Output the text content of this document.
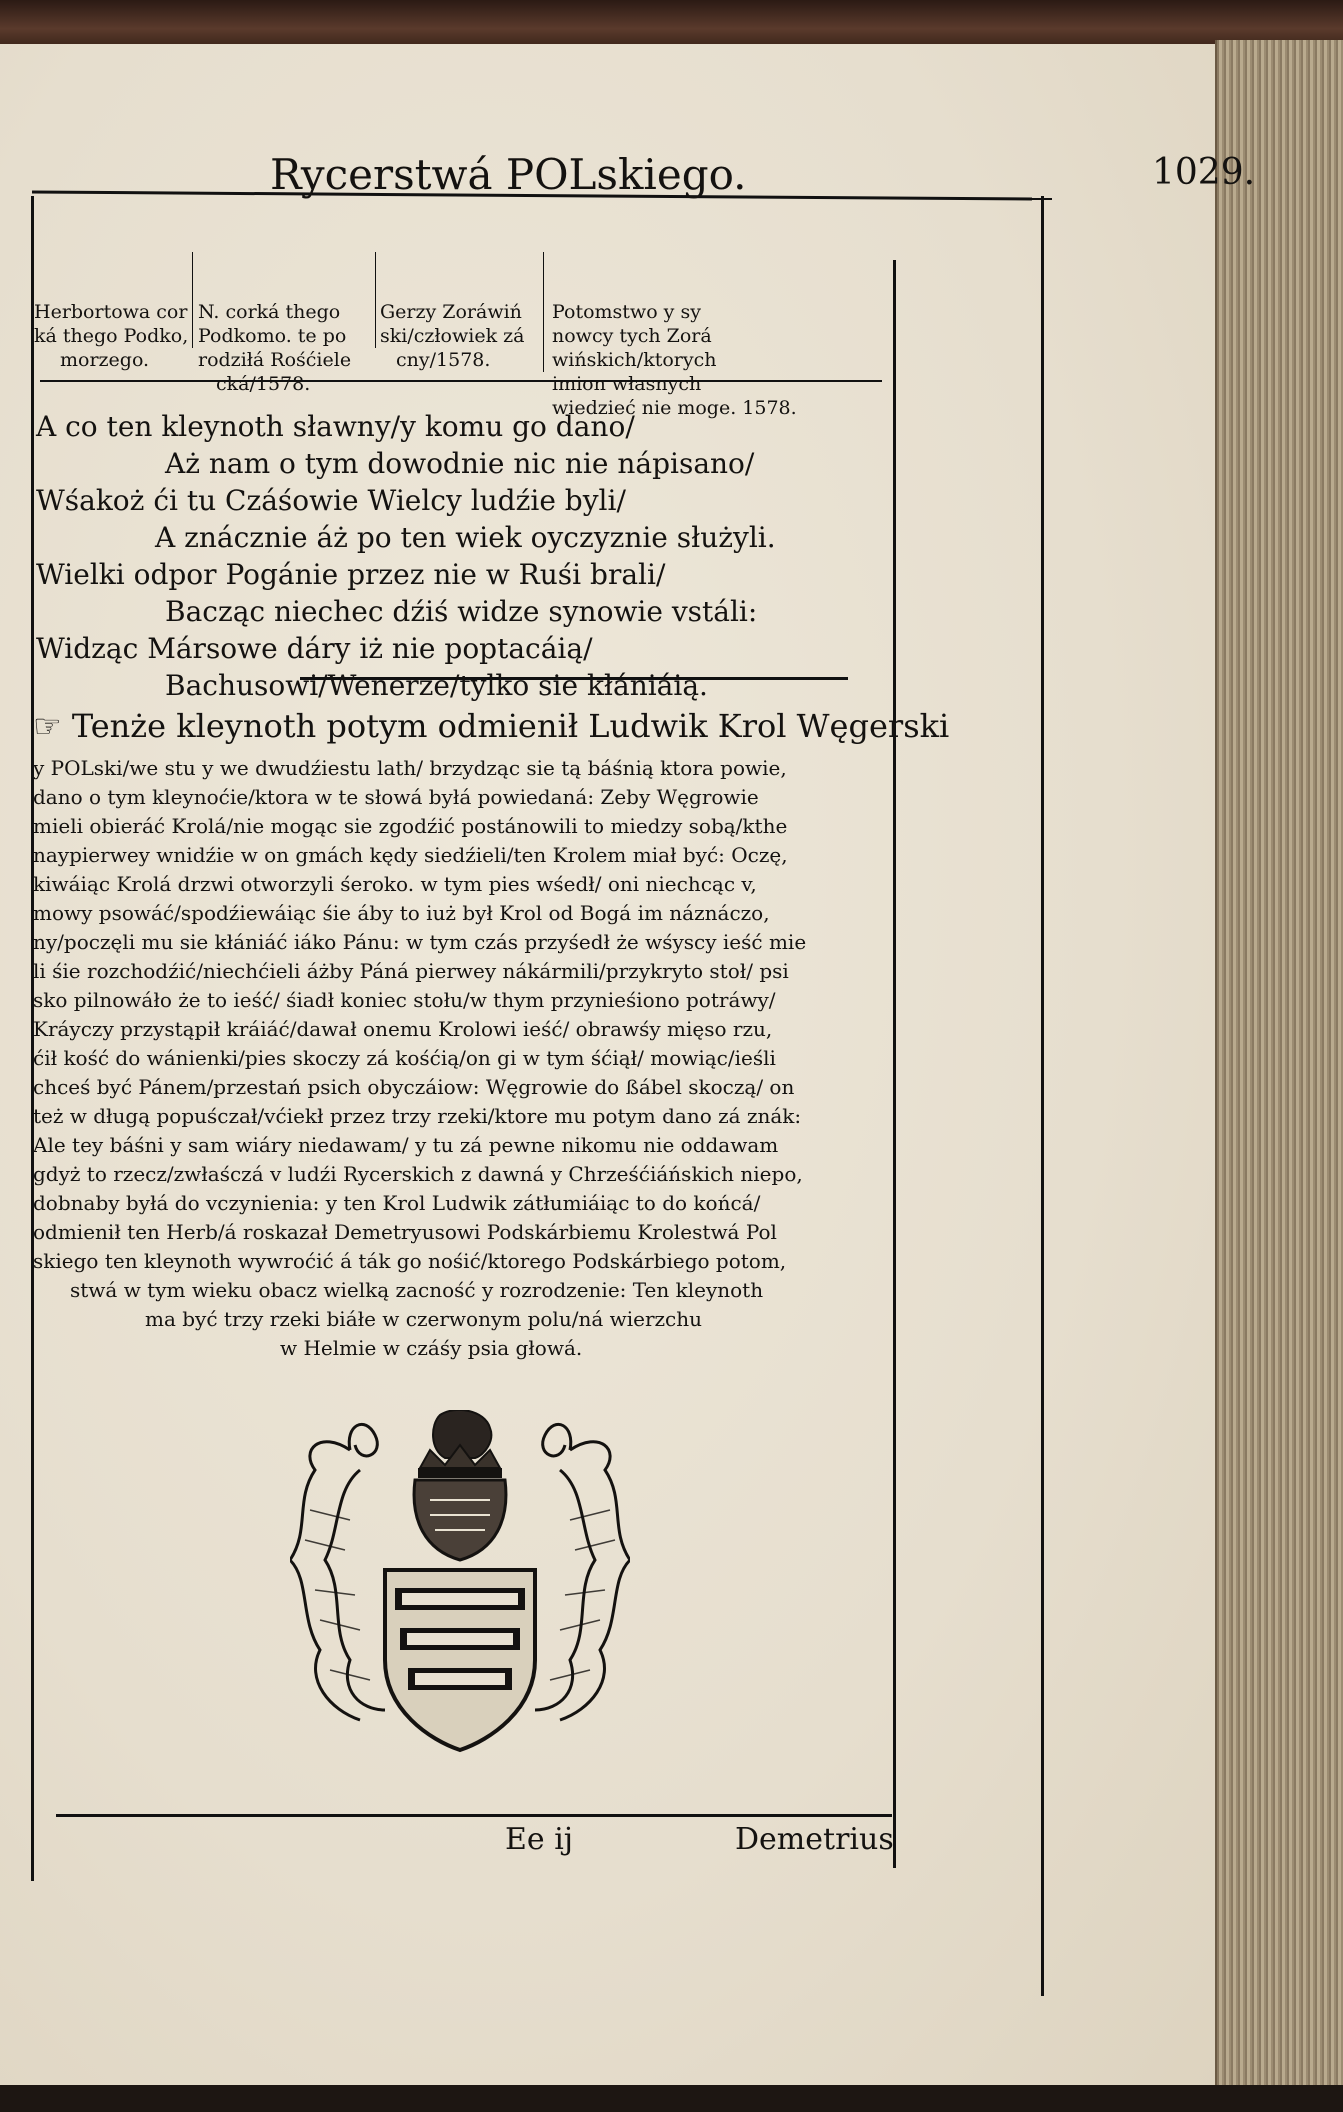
Rycerstwá POLskiego.	1029.

Herbortowa cor
ká thego Podko,
morzego.

N. corká thego
Podkomo. te po
rodziłá Rośćiele
cká/1578.

Gerzy Zoráwiń
ski/człowiek zá
cny/1578.

Potomstwo y sy
nowcy tych Zorá
wińskich/ktorych
imion własnych
wiedzieć nie moge. 1578.

A co ten kleynoth sławny/y komu go dano/
Aż nam o tym dowodnie nic nie nápisano/
Wśakoż ći tu Czáśowie Wielcy ludźie byli/
A znácznie áż po ten wiek oyczyznie służyli.
Wielki odpor Pogánie przez nie w Ruśi brali/
Bacząc niechec dźiś widze synowie vstáli:
Widząc Mársowe dáry iż nie poptacáią/
Bachusowi/Wenerze/tylko sie kłániáią.
☞ Tenże kleynoth potym odmienił Ludwik Krol Węgerski
y POLski/we stu y we dwudźiestu lath/ brzydząc sie tą báśnią ktora powie,
dano o tym kleynoćie/ktora w te słowá byłá powiedaná: Zeby Węgrowie
mieli obieráć Krolá/nie mogąc sie zgodźić postánowili to miedzy sobą/kthe
naypierwey wnidźie w on gmách kędy siedźieli/ten Krolem miał być: Oczę,
kiwáiąc Krolá drzwi otworzyli śeroko. w tym pies wśedł/ oni niechcąc v,
mowy psowáć/spodźiewáiąc śie áby to iuż był Krol od Bogá im náznáczo,
ny/poczęli mu sie kłániáć iáko Pánu: w tym czás przyśedł że wśyscy ieść mie
li śie rozchodźić/niechćieli áżby Páná pierwey nákármili/przykryto stoł/ psi
sko pilnowáło że to ieść/ śiadł koniec stołu/w thym przynieśiono potráwy/
Kráyczy przystąpił kráiáć/dawał onemu Krolowi ieść/ obrawśy mięso rzu,
ćił kość do wánienki/pies skoczy zá kośćią/on gi w tym śćiął/ mowiąc/ieśli
chceś być Pánem/przestań psich obyczáiow: Węgrowie do ßábel skoczą/ on
też w długą popuśczał/vćiekł przez trzy rzeki/ktore mu potym dano zá znák:
Ale tey báśni y sam wiáry niedawam/ y tu zá pewne nikomu nie oddawam
gdyż to rzecz/zwłaśczá v ludźi Rycerskich z dawná y Chrześćiáńskich niepo,
dobnaby byłá do vczynienia: y ten Krol Ludwik zátłumiáiąc to do końcá/
odmienił ten Herb/á roskazał Demetryusowi Podskárbiemu Krolestwá Pol
skiego ten kleynoth wywroćić á ták go nośić/ktorego Podskárbiego potom,
stwá w tym wieku obacz wielką zacność y rozrodzenie: Ten kleynoth
ma być trzy rzeki biáłe w czerwonym polu/ná wierzchu
w Helmie w czáśy psia głowá.
Ee ij	Demetrius
